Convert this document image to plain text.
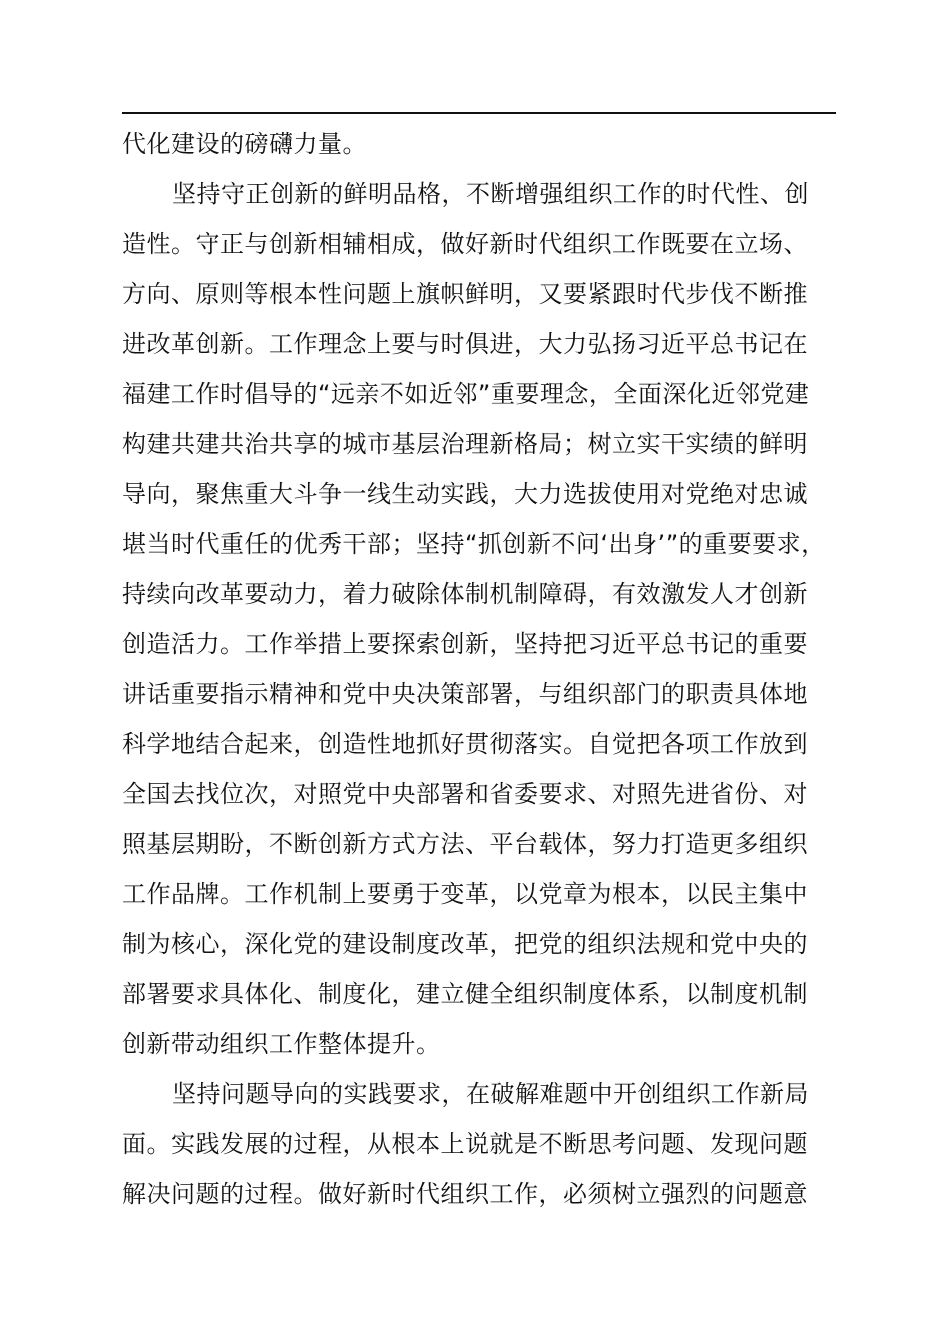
代化建设的磅礴力量。
坚持守正创新的鲜明品格，不断增强组织工作的时代性、创
造性。守正与创新相辅相成，做好新时代组织工作既要在立场、
方向、原则等根本性问题上旗帜鲜明，又要紧跟时代步伐不断推
进改革创新。工作理念上要与时俱进，大力弘扬习近平总书记在
福建工作时倡导的“远亲不如近邻”重要理念，全面深化近邻党建
构建共建共治共享的城市基层治理新格局；树立实干实绩的鲜明
导向，聚焦重大斗争一线生动实践，大力选拔使用对党绝对忠诚
堪当时代重任的优秀干部；坚持“抓创新不问‘出身’”的重要要求，
持续向改革要动力，着力破除体制机制障碍，有效激发人才创新
创造活力。工作举措上要探索创新，坚持把习近平总书记的重要
讲话重要指示精神和党中央决策部署，与组织部门的职责具体地
科学地结合起来，创造性地抓好贯彻落实。自觉把各项工作放到
全国去找位次，对照党中央部署和省委要求、对照先进省份、对
照基层期盼，不断创新方式方法、平台载体，努力打造更多组织
工作品牌。工作机制上要勇于变革，以党章为根本，以民主集中
制为核心，深化党的建设制度改革，把党的组织法规和党中央的
部署要求具体化、制度化，建立健全组织制度体系，以制度机制
创新带动组织工作整体提升。
坚持问题导向的实践要求，在破解难题中开创组织工作新局
面。实践发展的过程，从根本上说就是不断思考问题、发现问题
解决问题的过程。做好新时代组织工作，必须树立强烈的问题意
